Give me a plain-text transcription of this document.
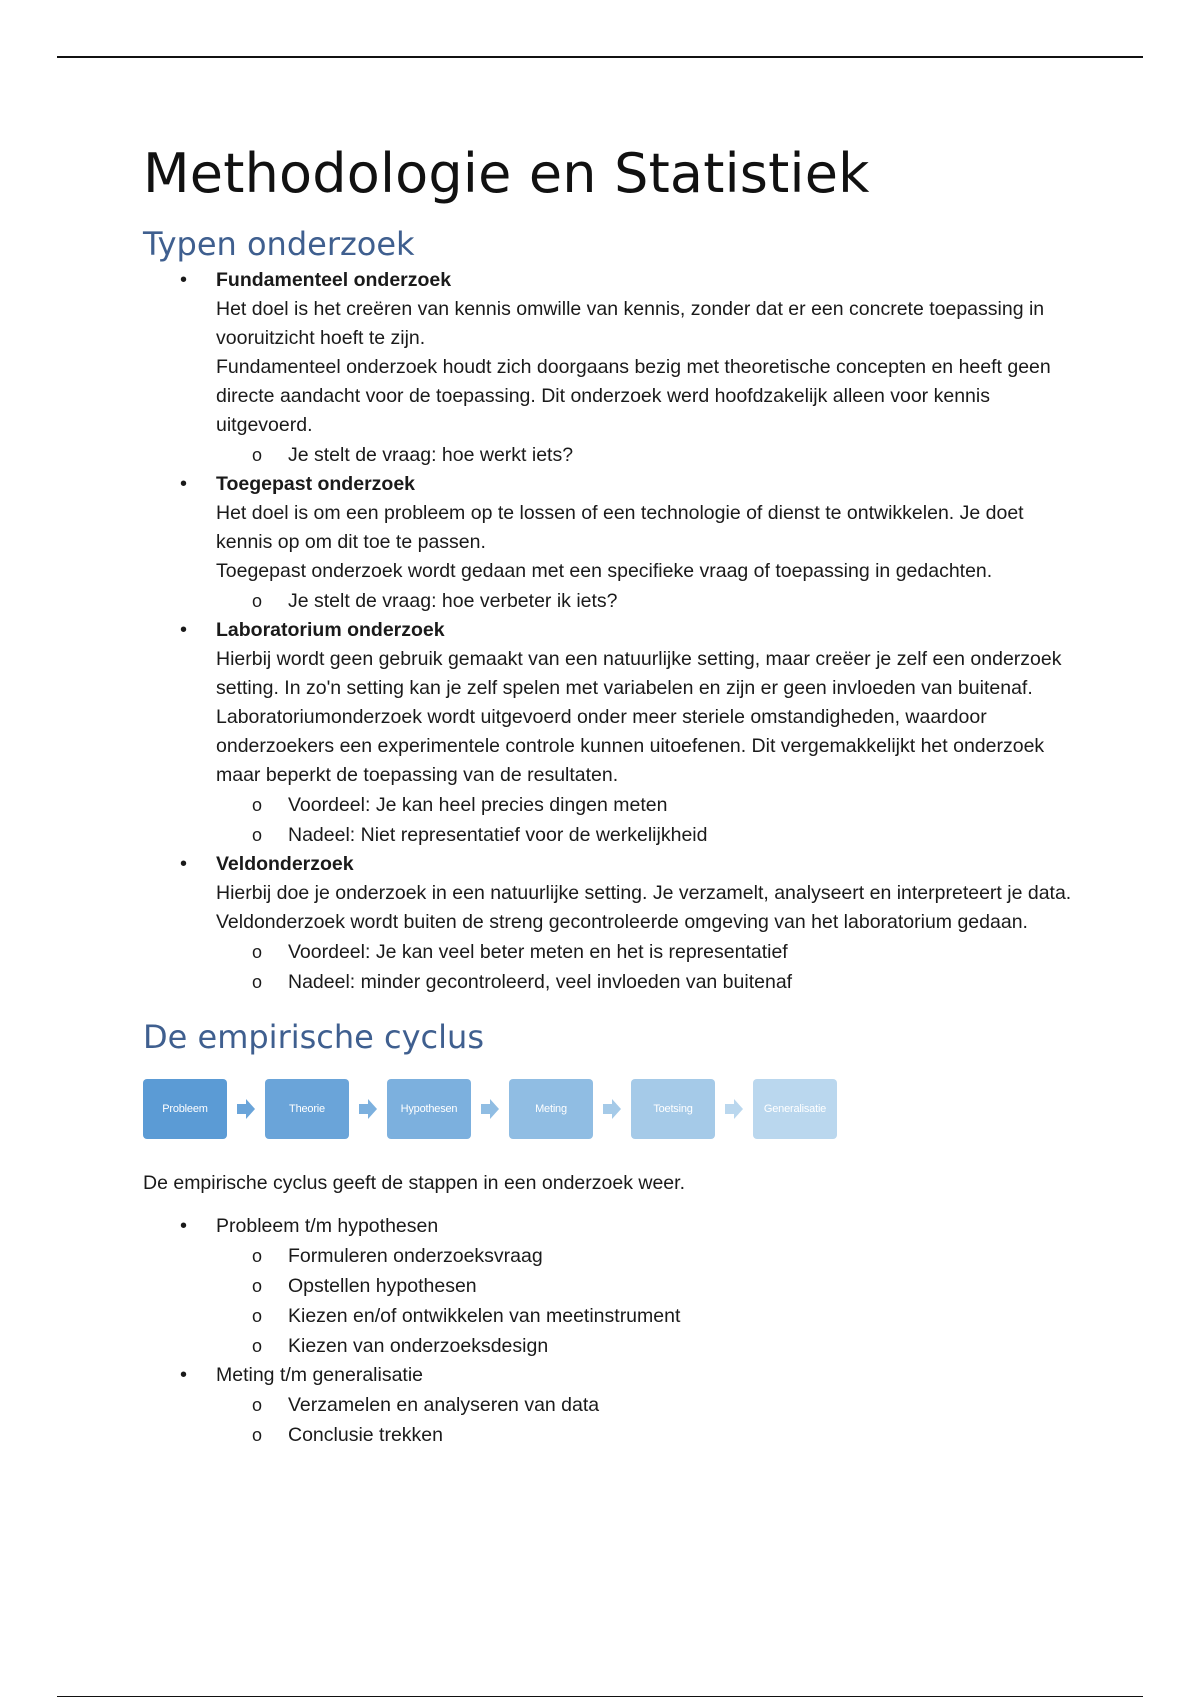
Methodologie en Statistiek
Typen onderzoek
• Fundamenteel onderzoek
Het doel is het creëren van kennis omwille van kennis, zonder dat er een concrete toepassing in vooruitzicht hoeft te zijn.
Fundamenteel onderzoek houdt zich doorgaans bezig met theoretische concepten en heeft geen directe aandacht voor de toepassing. Dit onderzoek werd hoofdzakelijk alleen voor kennis uitgevoerd.
o Je stelt de vraag: hoe werkt iets?
• Toegepast onderzoek
Het doel is om een probleem op te lossen of een technologie of dienst te ontwikkelen. Je doet kennis op om dit toe te passen.
Toegepast onderzoek wordt gedaan met een specifieke vraag of toepassing in gedachten.
o Je stelt de vraag: hoe verbeter ik iets?
• Laboratorium onderzoek
Hierbij wordt geen gebruik gemaakt van een natuurlijke setting, maar creëer je zelf een onderzoek setting. In zo'n setting kan je zelf spelen met variabelen en zijn er geen invloeden van buitenaf.
Laboratoriumonderzoek wordt uitgevoerd onder meer steriele omstandigheden, waardoor onderzoekers een experimentele controle kunnen uitoefenen. Dit vergemakkelijkt het onderzoek maar beperkt de toepassing van de resultaten.
o Voordeel: Je kan heel precies dingen meten
o Nadeel: Niet representatief voor de werkelijkheid
• Veldonderzoek
Hierbij doe je onderzoek in een natuurlijke setting. Je verzamelt, analyseert en interpreteert je data.
Veldonderzoek wordt buiten de streng gecontroleerde omgeving van het laboratorium gedaan.
o Voordeel: Je kan veel beter meten en het is representatief
o Nadeel: minder gecontroleerd, veel invloeden van buitenaf
De empirische cyclus
Probleem	Theorie	Hypothesen	Meting	Toetsing	Generalisatie

De empirische cyclus geeft de stappen in een onderzoek weer.

• Probleem t/m hypothesen
o Formuleren onderzoeksvraag
o Opstellen hypothesen
o Kiezen en/of ontwikkelen van meetinstrument
o Kiezen van onderzoeksdesign
• Meting t/m generalisatie
o Verzamelen en analyseren van data
o Conclusie trekken
